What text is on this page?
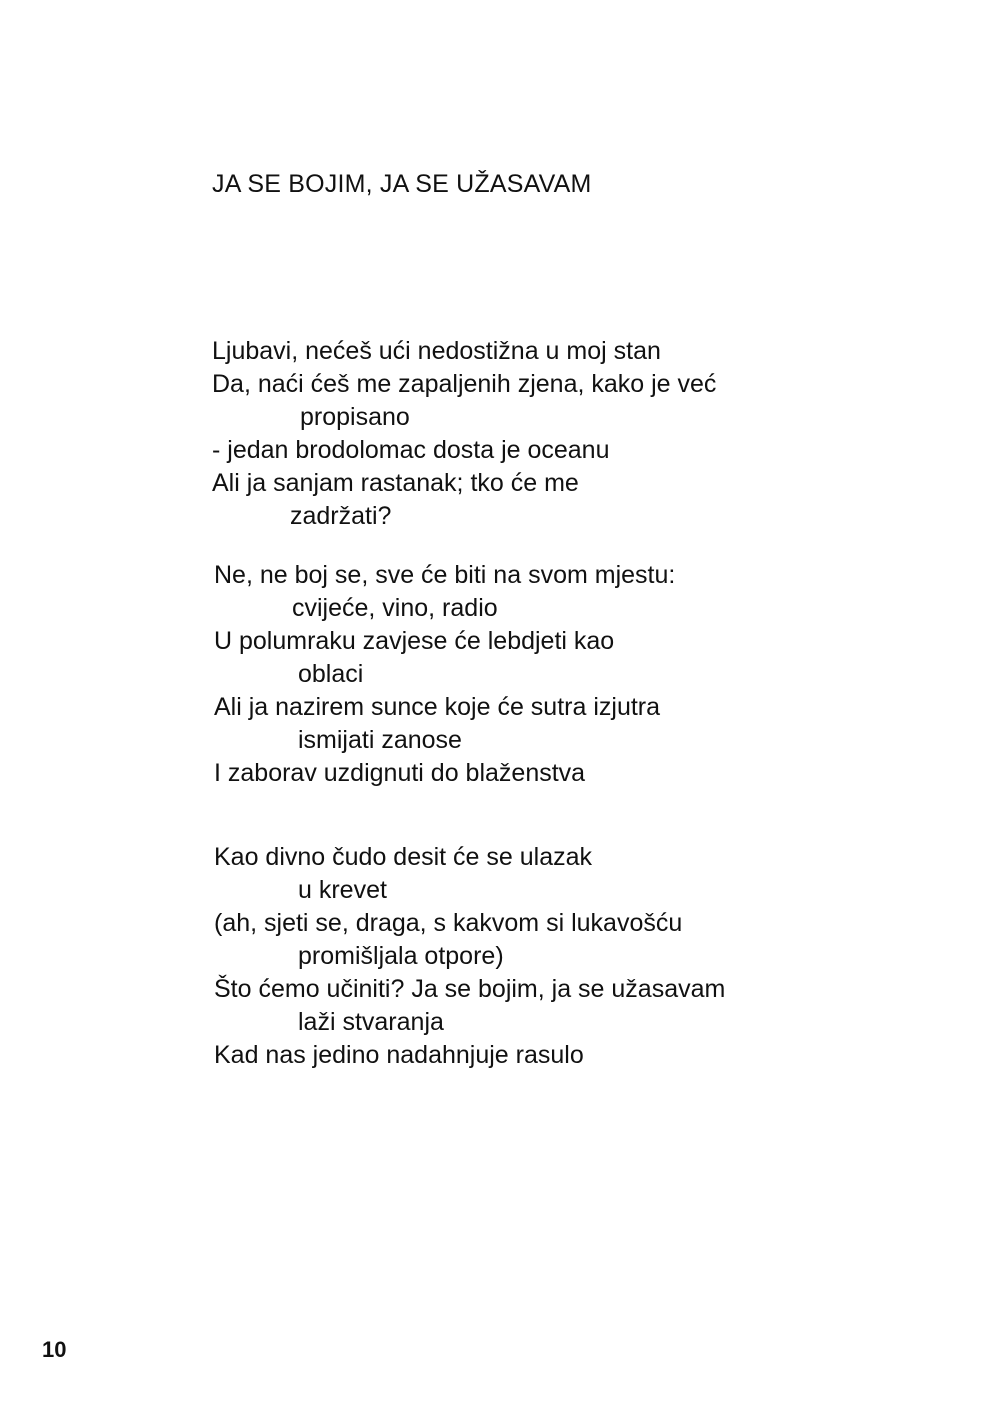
JA SE BOJIM, JA SE UŽASAVAM
Ljubavi, nećeš ući nedostižna u moj stan
Da, naći ćeš me zapaljenih zjena, kako je već
propisano
- jedan brodolomac dosta je oceanu
Ali ja sanjam rastanak; tko će me
zadržati?
Ne, ne boj se, sve će biti na svom mjestu:
cvijeće, vino, radio
U polumraku zavjese će lebdjeti kao
oblaci
Ali ja nazirem sunce koje će sutra izjutra
ismijati zanose
I zaborav uzdignuti do blaženstva
Kao divno čudo desit će se ulazak
u krevet
(ah, sjeti se, draga, s kakvom si lukavošću
promišljala otpore)
Što ćemo učiniti? Ja se bojim, ja se užasavam
laži stvaranja
Kad nas jedino nadahnjuje rasulo
10
